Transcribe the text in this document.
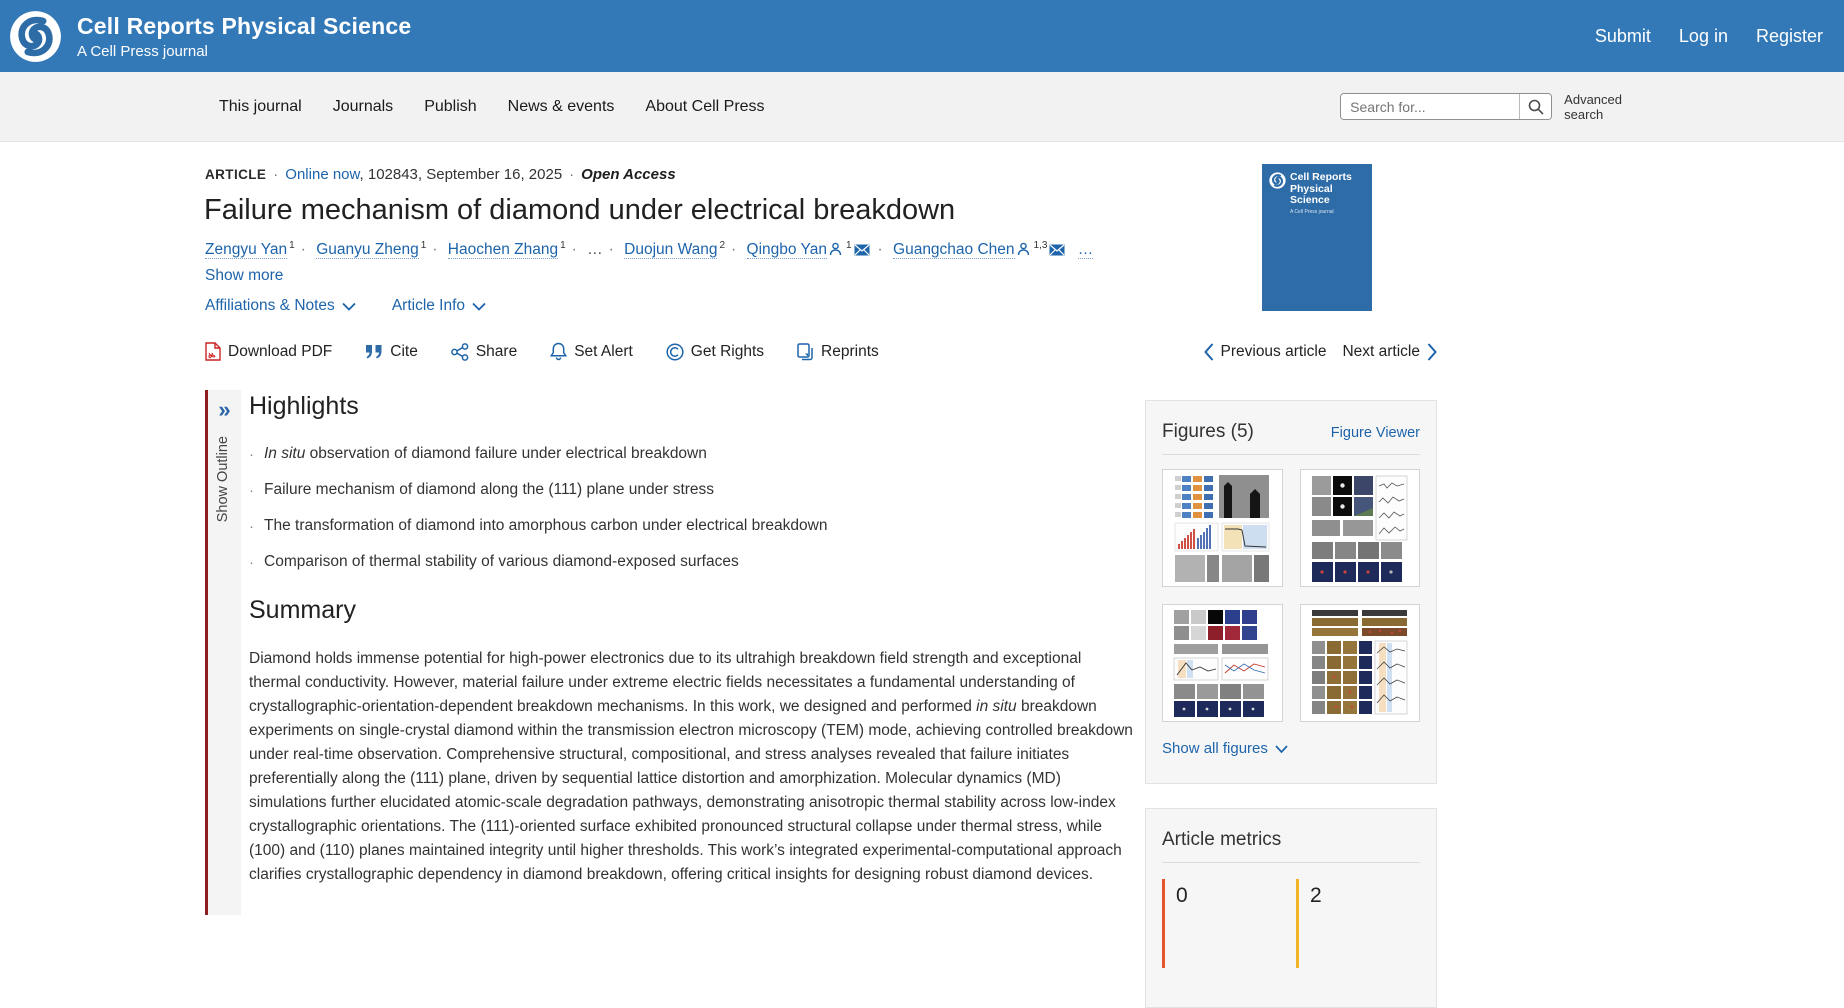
Cell Reports Physical Science
A Cell Press journal
Submit Log in Register
This journal Journals Publish News & events About Cell Press
Search for...	Advanced
search
ARTICLE · Online now, 102843, September 16, 2025 · Open Access
Failure mechanism of diamond under electrical breakdown
Zengyu Yan $^1$ · Guanyu Zheng $^1$ · Haochen Zhang $^1$ · … · Duojun Wang $^2$ · Qingbo Yan $^1$ · Guangchao Chen $^{1,3}$ …
Show more
Affiliations & Notes	Article Info
Download PDF	Cite	Share	Set Alert	Get Rights	Reprints	Previous article Next article
»
Show Outline
Highlights
· In situ observation of diamond failure under electrical breakdown
· Failure mechanism of diamond along the (111) plane under stress
· The transformation of diamond into amorphous carbon under electrical breakdown
· Comparison of thermal stability of various diamond-exposed surfaces
Summary

Diamond holds immense potential for high-power electronics due to its ultrahigh breakdown field strength and exceptional thermal conductivity. However, material failure under extreme electric fields necessitates a fundamental understanding of crystallographic-orientation-dependent breakdown mechanisms. In this work, we designed and performed in situ breakdown experiments on single-crystal diamond within the transmission electron microscopy (TEM) mode, achieving controlled breakdown under real-time observation. Comprehensive structural, compositional, and stress analyses revealed that failure initiates preferentially along the (111) plane, driven by sequential lattice distortion and amorphization. Molecular dynamics (MD) simulations further elucidated atomic-scale degradation pathways, demonstrating anisotropic thermal stability across low-index crystallographic orientations. The (111)-oriented surface exhibited pronounced structural collapse under thermal stress, while (100) and (110) planes maintained integrity until higher thresholds. This work’s integrated experimental-computational approach clarifies crystallographic dependency in diamond breakdown, offering critical insights for designing robust diamond devices.

Cell Reports
Physical Science
A Cell Press journal
Figures (5)	Figure Viewer
Show all figures
Article metrics
0	2
